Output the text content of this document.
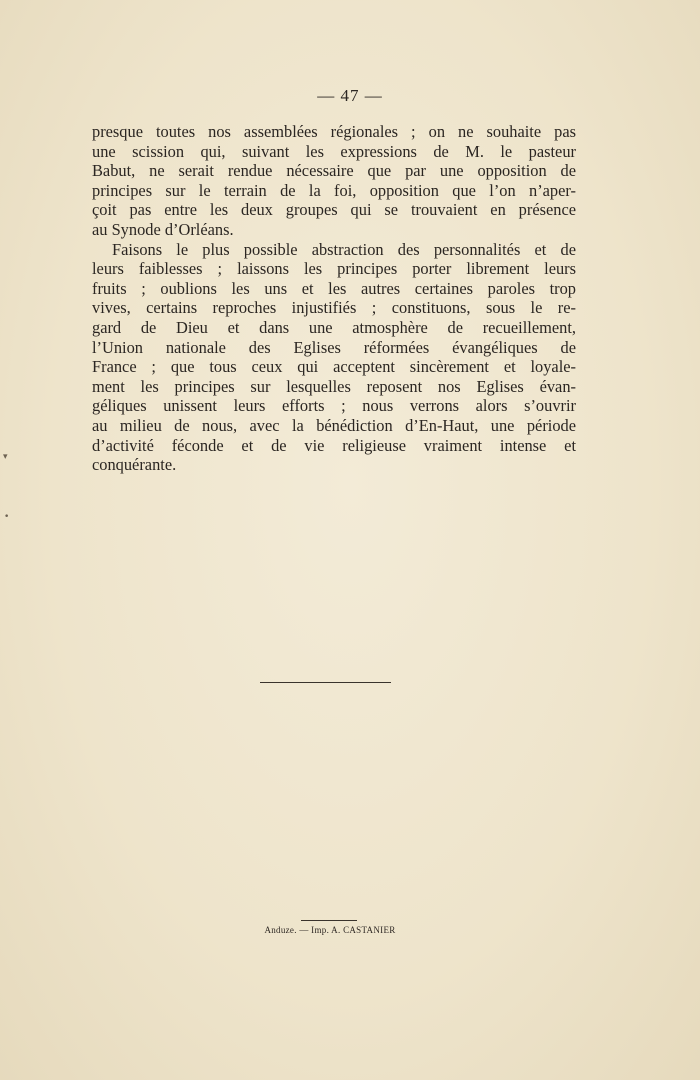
— 47 —
presque toutes nos assemblées régionales ; on ne souhaite pas
une scission qui, suivant les expressions de M. le pasteur
Babut, ne serait rendue nécessaire que par une opposition de
principes sur le terrain de la foi, opposition que l’on n’aper-
çoit pas entre les deux groupes qui se trouvaient en présence
au Synode d’Orléans.
Faisons le plus possible abstraction des personnalités et de
leurs faiblesses ; laissons les principes porter librement leurs
fruits ; oublions les uns et les autres certaines paroles trop
vives, certains reproches injustifiés ; constituons, sous le re-
gard de Dieu et dans une atmosphère de recueillement,
l’Union nationale des Eglises réformées évangéliques de
France ; que tous ceux qui acceptent sincèrement et loyale-
ment les principes sur lesquelles reposent nos Eglises évan-
géliques unissent leurs efforts ; nous verrons alors s’ouvrir
au milieu de nous, avec la bénédiction d’En-Haut, une période
d’activité féconde et de vie religieuse vraiment intense et
conquérante.
Anduze. — Imp. A. CASTANIER
▾
•
